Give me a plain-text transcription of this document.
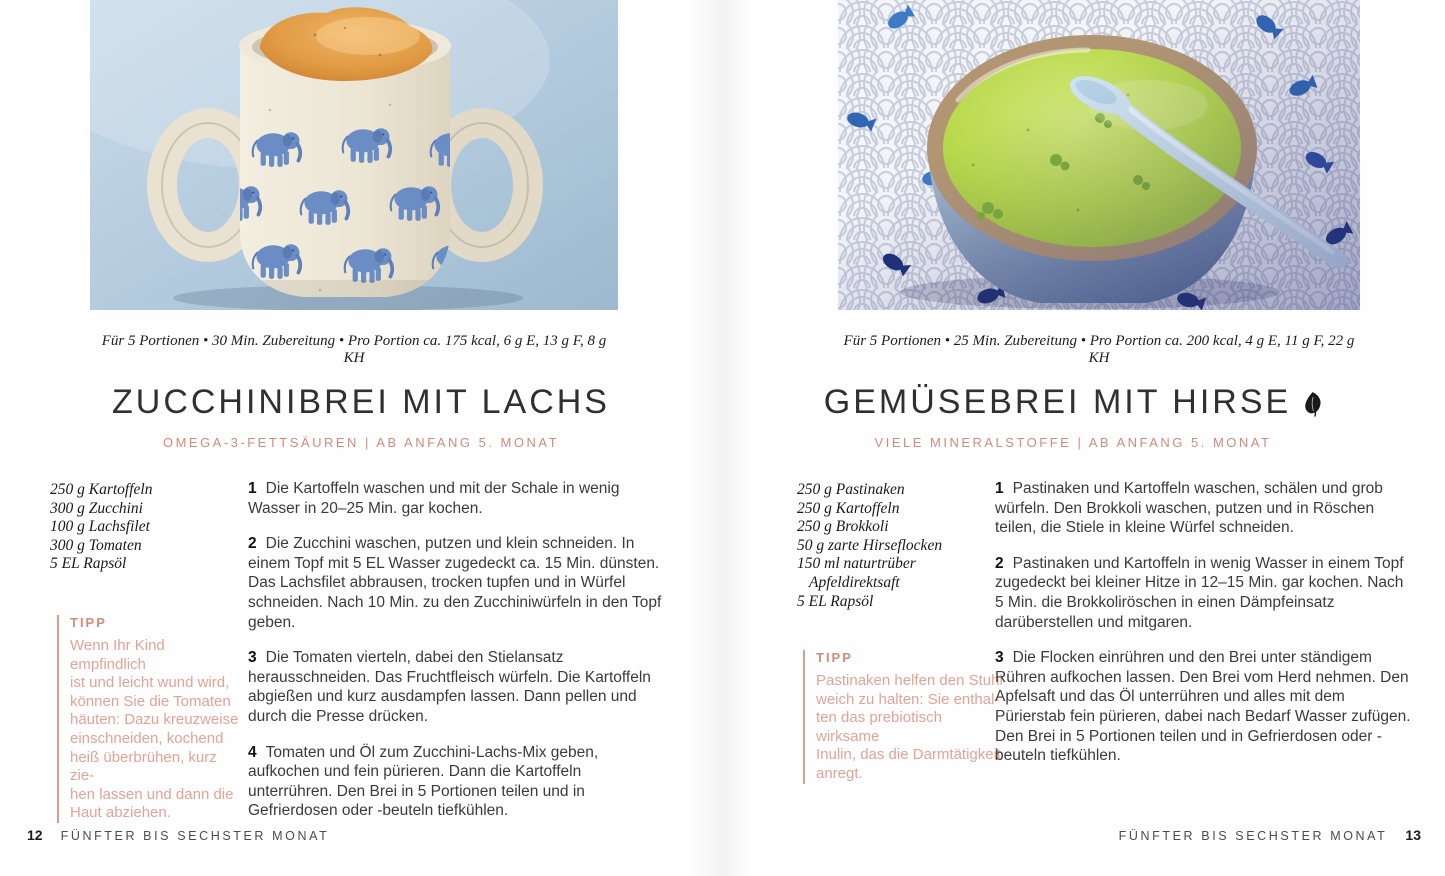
Für 5 Portionen • 30 Min. Zubereitung • Pro Portion ca. 175 kcal, 6 g E, 13 g F, 8 g KH
ZUCCHINIBREI MIT LACHS
OMEGA-3-FETTSÄUREN | AB ANFANG 5. MONAT
250 g Kartoffeln
300 g Zucchini
100 g Lachsfilet
300 g Tomaten
5 EL Rapsöl
TIPP
Wenn Ihr Kind empfindlich
ist und leicht wund wird,
können Sie die Tomaten
häuten: Dazu kreuzweise
einschneiden, kochend
heiß überbrühen, kurz zie-
hen lassen und dann die
Haut abziehen.

1 Die Kartoffeln waschen und mit der Schale in wenig Wasser in 20–25 Min. gar kochen.

2 Die Zucchini waschen, putzen und klein schneiden. In einem Topf mit 5 EL Wasser zugedeckt ca. 15 Min. dünsten. Das Lachsfilet abbrausen, trocken tupfen und in Würfel schneiden. Nach 10 Min. zu den Zucchiniwürfeln in den Topf geben.

3 Die Tomaten vierteln, dabei den Stielansatz herausschneiden. Das Fruchtfleisch würfeln. Die Kartoffeln abgießen und kurz ausdampfen lassen. Dann pellen und durch die Presse drücken.

4 Tomaten und Öl zum Zucchini-Lachs-Mix geben, aufkochen und fein pürieren. Dann die Kartoffeln unterrühren. Den Brei in 5 Portionen teilen und in Gefrierdosen oder -beuteln tiefkühlen.

12 FÜNFTER BIS SECHSTER MONAT
Für 5 Portionen • 25 Min. Zubereitung • Pro Portion ca. 200 kcal, 4 g E, 11 g F, 22 g KH
GEMÜSEBREI MIT HIRSE
VIELE MINERALSTOFFE | AB ANFANG 5. MONAT
250 g Pastinaken
250 g Kartoffeln
250 g Brokkoli
50 g zarte Hirseflocken
150 ml naturtrüber
Apfeldirektsaft
5 EL Rapsöl
TIPP
Pastinaken helfen den Stuhl
weich zu halten: Sie enthal-
ten das prebiotisch wirksame
Inulin, das die Darmtätigkeit
anregt.

1 Pastinaken und Kartoffeln waschen, schälen und grob würfeln. Den Brokkoli waschen, putzen und in Röschen teilen, die Stiele in kleine Würfel schneiden.

2 Pastinaken und Kartoffeln in wenig Wasser in einem Topf zugedeckt bei kleiner Hitze in 12–15 Min. gar kochen. Nach 5 Min. die Brokkoliröschen in einen Dämpfeinsatz darüberstellen und mitgaren.

3 Die Flocken einrühren und den Brei unter ständigem Rühren aufkochen lassen. Den Brei vom Herd nehmen. Den Apfelsaft und das Öl unterrühren und alles mit dem Pürierstab fein pürieren, dabei nach Bedarf Wasser zufügen. Den Brei in 5 Portionen teilen und in Gefrierdosen oder -beuteln tiefkühlen.

FÜNFTER BIS SECHSTER MONAT 13
